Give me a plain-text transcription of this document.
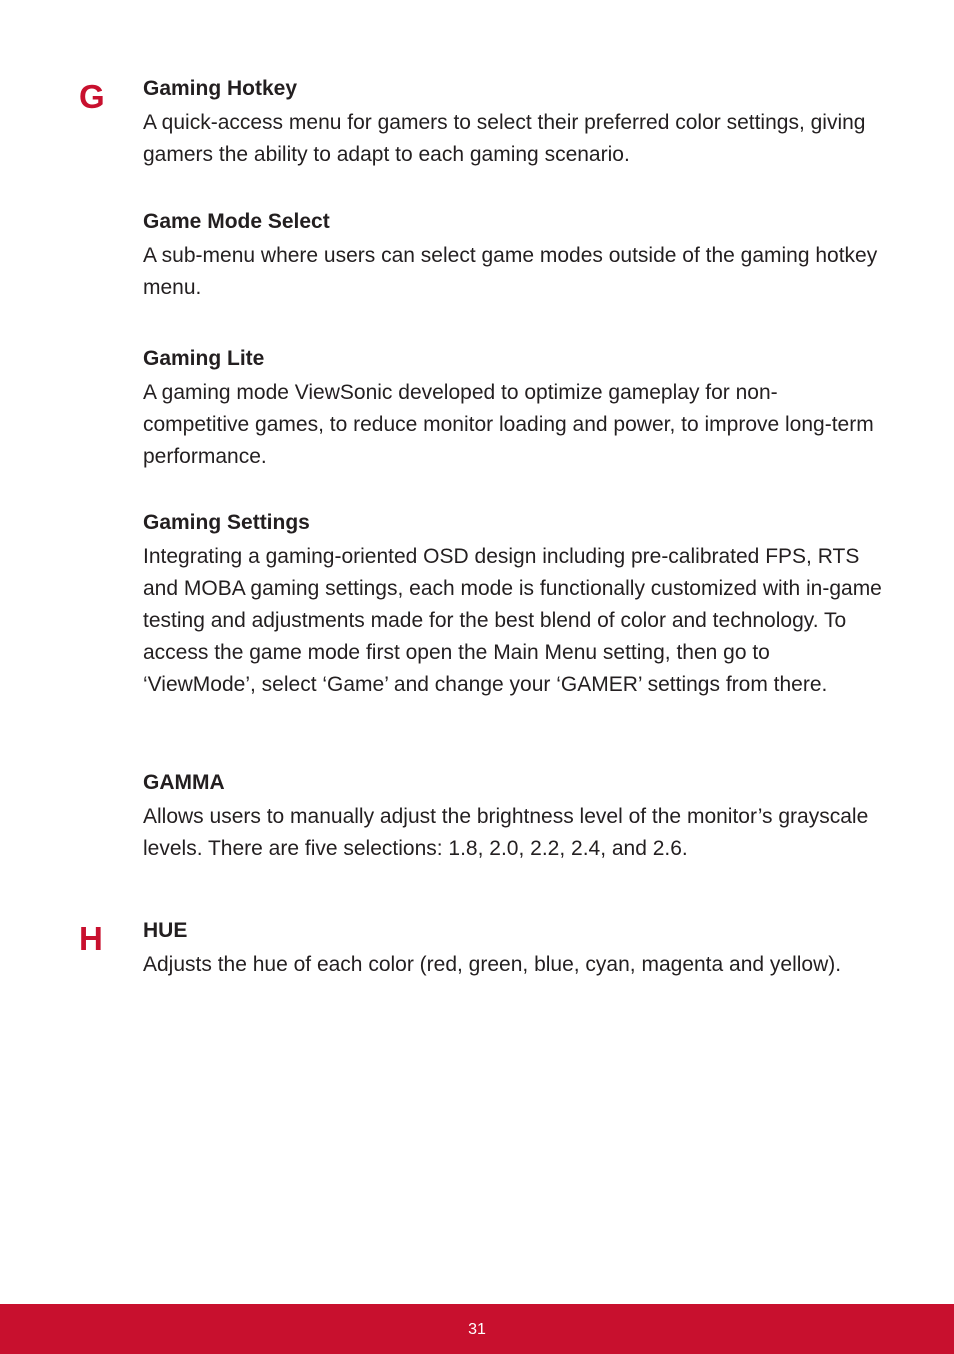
G Gaming Hotkey

A quick-access menu for gamers to select their preferred color settings, giving gamers the ability to adapt to each gaming scenario.

Game Mode Select

A sub-menu where users can select game modes outside of the gaming hotkey menu.

Gaming Lite

A gaming mode ViewSonic developed to optimize gameplay for non-competitive games, to reduce monitor loading and power, to improve long-term performance.

Gaming Settings

Integrating a gaming-oriented OSD design including pre-calibrated FPS, RTS and MOBA gaming settings, each mode is functionally customized with in-game testing and adjustments made for the best blend of color and technology. To access the game mode first open the Main Menu setting, then go to ‘ViewMode’, select ‘Game’ and change your ‘GAMER’ settings from there.

GAMMA

Allows users to manually adjust the brightness level of the monitor’s grayscale levels. There are five selections: 1.8, 2.0, 2.2, 2.4, and 2.6.

H HUE

Adjusts the hue of each color (red, green, blue, cyan, magenta and yellow).

31
